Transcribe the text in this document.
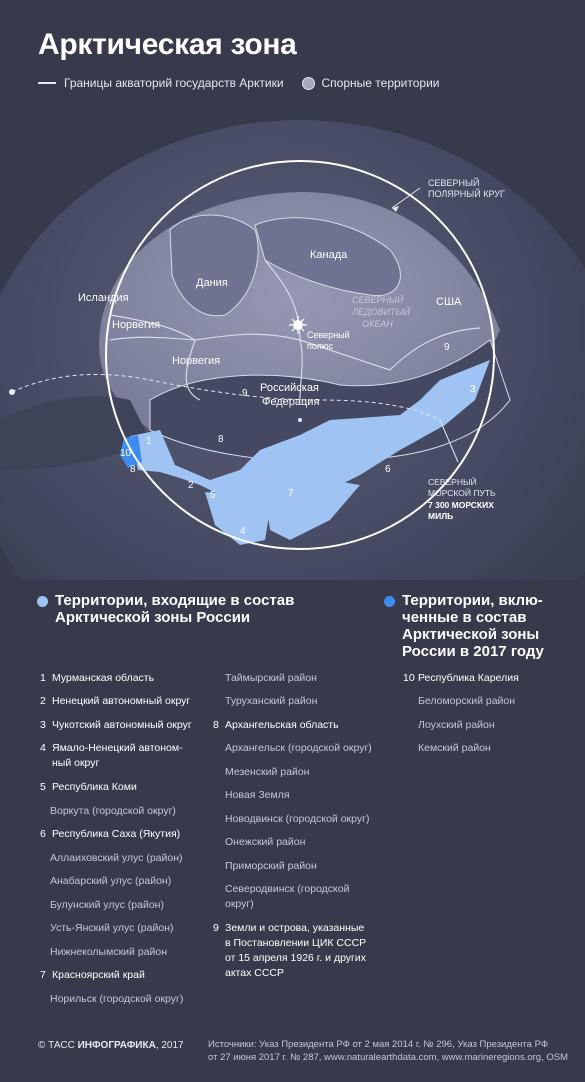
Арктическая зона
Границы акваторий государств Арктики	Спорные территории
СЕВЕРНЫЙ
ПОЛЯРНЫЙ КРУГ
Канада
Дания
Исландия
Норвегия
Норвегия
США
СЕВЕРНЫЙ
ЛЕДОВИТЫЙ
ОКЕАН
Северный
полюс
Российская
Федерация
СЕВЕРНЫЙ
МОРСКОЙ ПУТЬ
7 300 МОРСКИХ
МИЛЬ
1
2
3
4
5
6
7
8
8
9
9
10
Территории, входящие в состав Арктической зоны России
Территории, вклю-ченные в состав Арктической зоны России в 2017 году
1 Мурманская область
2 Ненецкий автономный округ
3 Чукотский автономный округ
4 Ямало-Ненецкий автоном-
ный округ
5 Республика Коми
Воркута (городской округ)
6 Республика Саха (Якутия)
Аллаиховский улус (район)
Анабарский улус (район)
Булунский улус (район)
Усть-Янский улус (район)
Нижнеколымский район
7 Красноярский край
Норильск (городской округ)
Таймырский район
Туруханский район
8 Архангельская область
Архангельск (городской округ)
Мезенский район
Новая Земля
Новодвинск (городской округ)
Онежский район
Приморский район
Северодвинск (городской
округ)
9 Земли и острова, указанные
в Постановлении ЦИК СССР
от 15 апреля 1926 г. и других
актах СССР
10 Республика Карелия
Беломорский район
Лоухский район
Кемский район
© ТАСС ИНФОГРАФИКА, 2017	Источники: Указ Президента РФ от 2 мая 2014 г. № 296, Указ Президента РФ
от 27 июня 2017 г. № 287, www.naturalearthdata.com, www.marineregions.org, OSM
